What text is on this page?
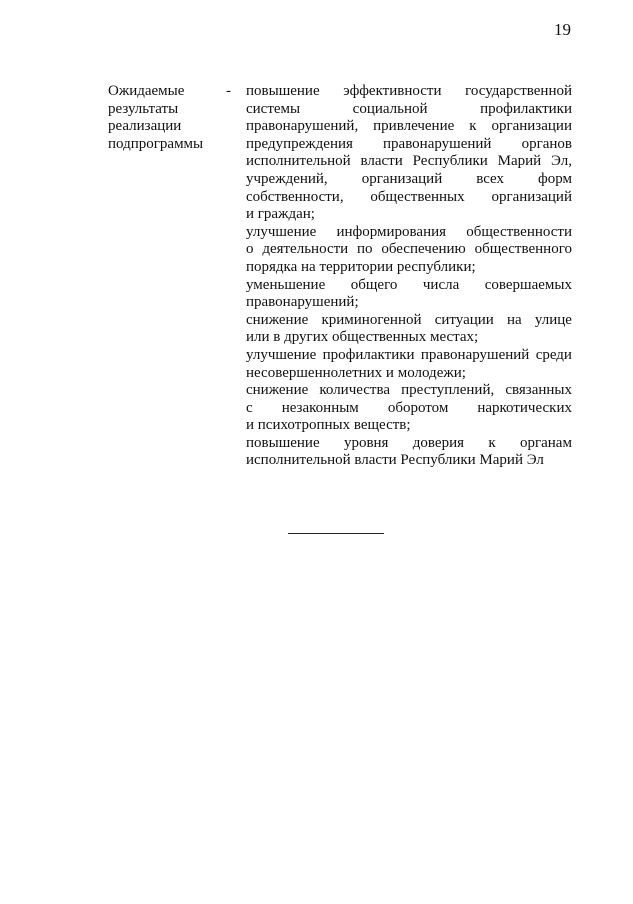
19
Ожидаемые
результаты
реализации
подпрограммы
- повышение эффективности государственной
системы	социальной	профилактики
правонарушений, привлечение к организации
предупреждения правонарушений органов
исполнительной власти Республики Марий Эл,
учреждений, организаций всех форм
собственности, общественных организаций
и граждан;
улучшение информирования общественности
о деятельности по обеспечению общественного
порядка на территории республики;
уменьшение общего числа совершаемых
правонарушений;
снижение криминогенной ситуации на улице
или в других общественных местах;
улучшение профилактики правонарушений среди
несовершеннолетних и молодежи;
снижение количества преступлений, связанных
с незаконным оборотом наркотических
и психотропных веществ;
повышение уровня доверия к органам
исполнительной власти Республики Марий Эл
